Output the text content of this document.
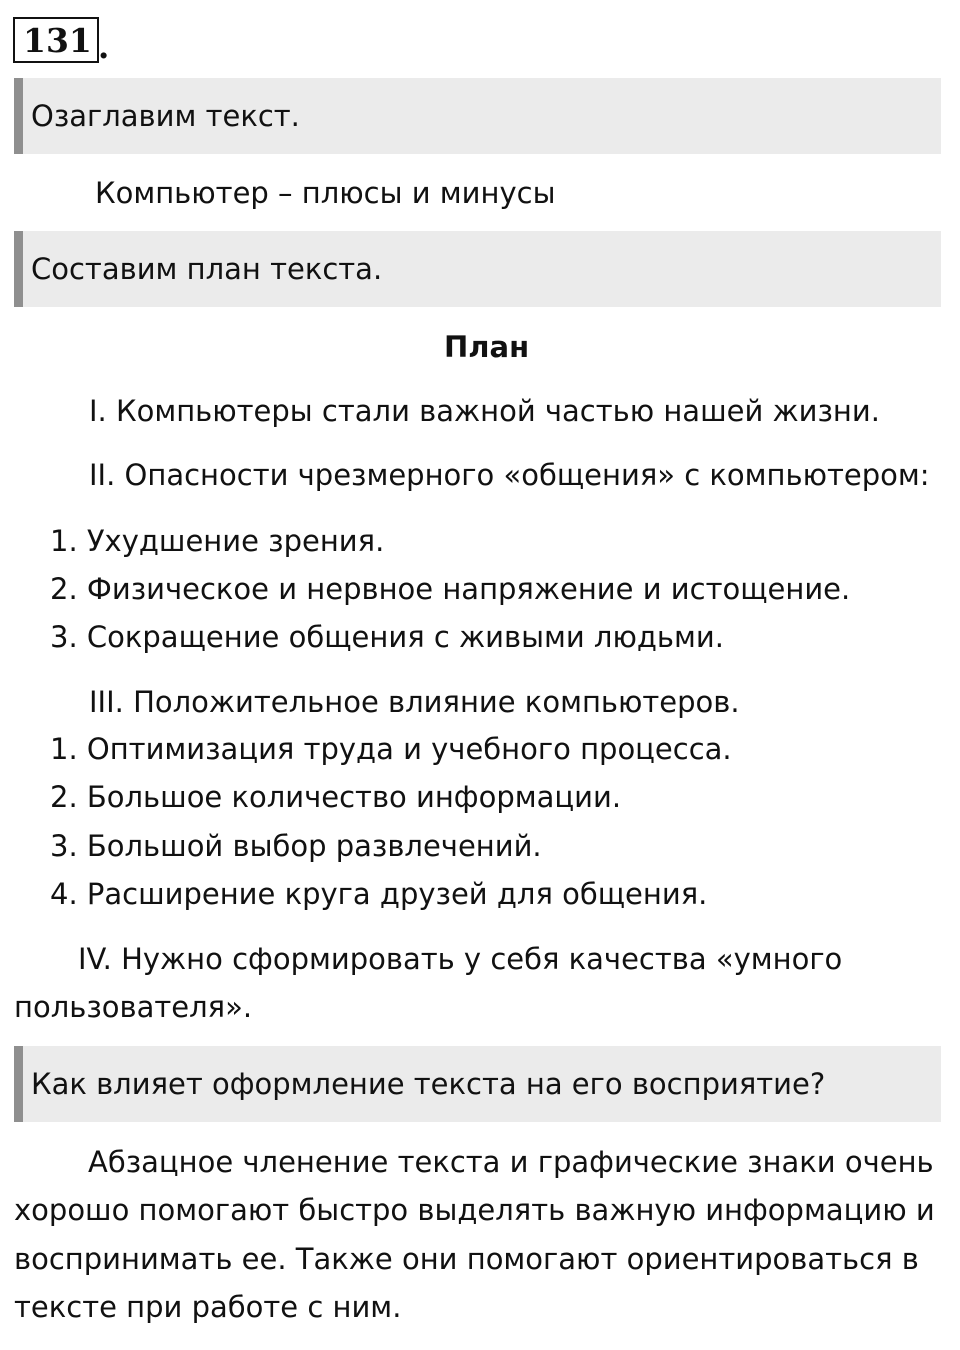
131 .
Озаглавим текст.
Компьютер – плюсы и минусы
Составим план текста.
План
I. Компьютеры стали важной частью нашей жизни.
II. Опасности чрезмерного «общения» с компьютером:
1. Ухудшение зрения.
2. Физическое и нервное напряжение и истощение.
3. Сокращение общения с живыми людьми.
III. Положительное влияние компьютеров.
1. Оптимизация труда и учебного процесса.
2. Большое количество информации.
3. Большой выбор развлечений.
4. Расширение круга друзей для общения.
IV. Нужно сформировать у себя качества «умного
пользователя».
Как влияет оформление текста на его восприятие?
Абзацное членение текста и графические знаки очень
хорошо помогают быстро выделять важную информацию и
воспринимать ее. Также они помогают ориентироваться в
тексте при работе с ним.
